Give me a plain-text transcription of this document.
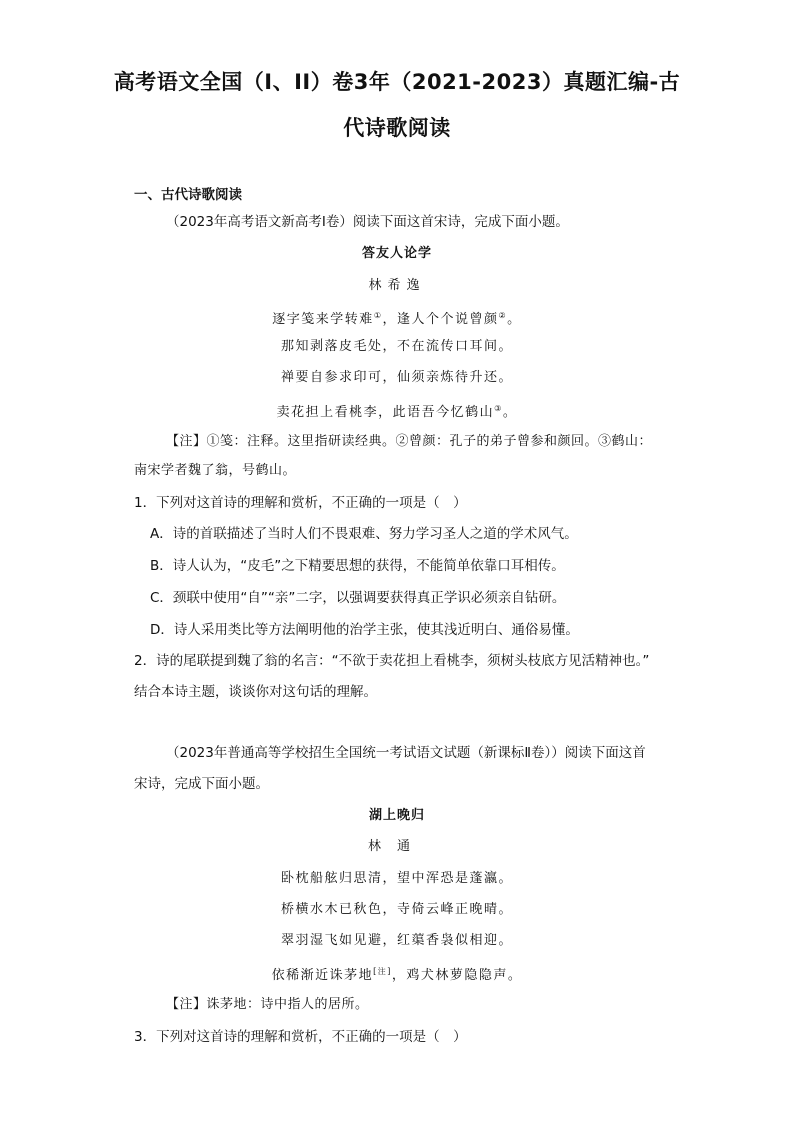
高考语文全国（I、II）卷3年（2021-2023）真题汇编-古
代诗歌阅读
一、古代诗歌阅读
（2023年高考语文新高考Ⅰ卷）阅读下面这首宋诗，完成下面小题。
答友人论学
林希逸
逐字笺来学转难①，逢人个个说曾颜②。
那知剥落皮毛处，不在流传口耳间。
禅要自参求印可，仙须亲炼待升还。
卖花担上看桃李，此语吾今忆鹤山③。
【注】①笺：注释。这里指研读经典。②曾颜：孔子的弟子曾参和颜回。③鹤山：
南宋学者魏了翁，号鹤山。
1．下列对这首诗的理解和赏析，不正确的一项是（　）
A．诗的首联描述了当时人们不畏艰难、努力学习圣人之道的学术风气。
B．诗人认为，“皮毛”之下精要思想的获得，不能简单依靠口耳相传。
C．颈联中使用“自”“亲”二字，以强调要获得真正学识必须亲自钻研。
D．诗人采用类比等方法阐明他的治学主张，使其浅近明白、通俗易懂。
2．诗的尾联提到魏了翁的名言：“不欲于卖花担上看桃李，须树头枝底方见活精神也。”
结合本诗主题，谈谈你对这句话的理解。
（2023年普通高等学校招生全国统一考试语文试题（新课标Ⅱ卷））阅读下面这首
宋诗，完成下面小题。
湖上晚归
林通
卧枕船舷归思清，望中浑恐是蓬瀛。
桥横水木已秋色，寺倚云峰正晚晴。
翠羽湿飞如见避，红蕖香袅似相迎。
依稀渐近诛茅地[注]，鸡犬林萝隐隐声。
【注】诛茅地：诗中指人的居所。
3．下列对这首诗的理解和赏析，不正确的一项是（　）
